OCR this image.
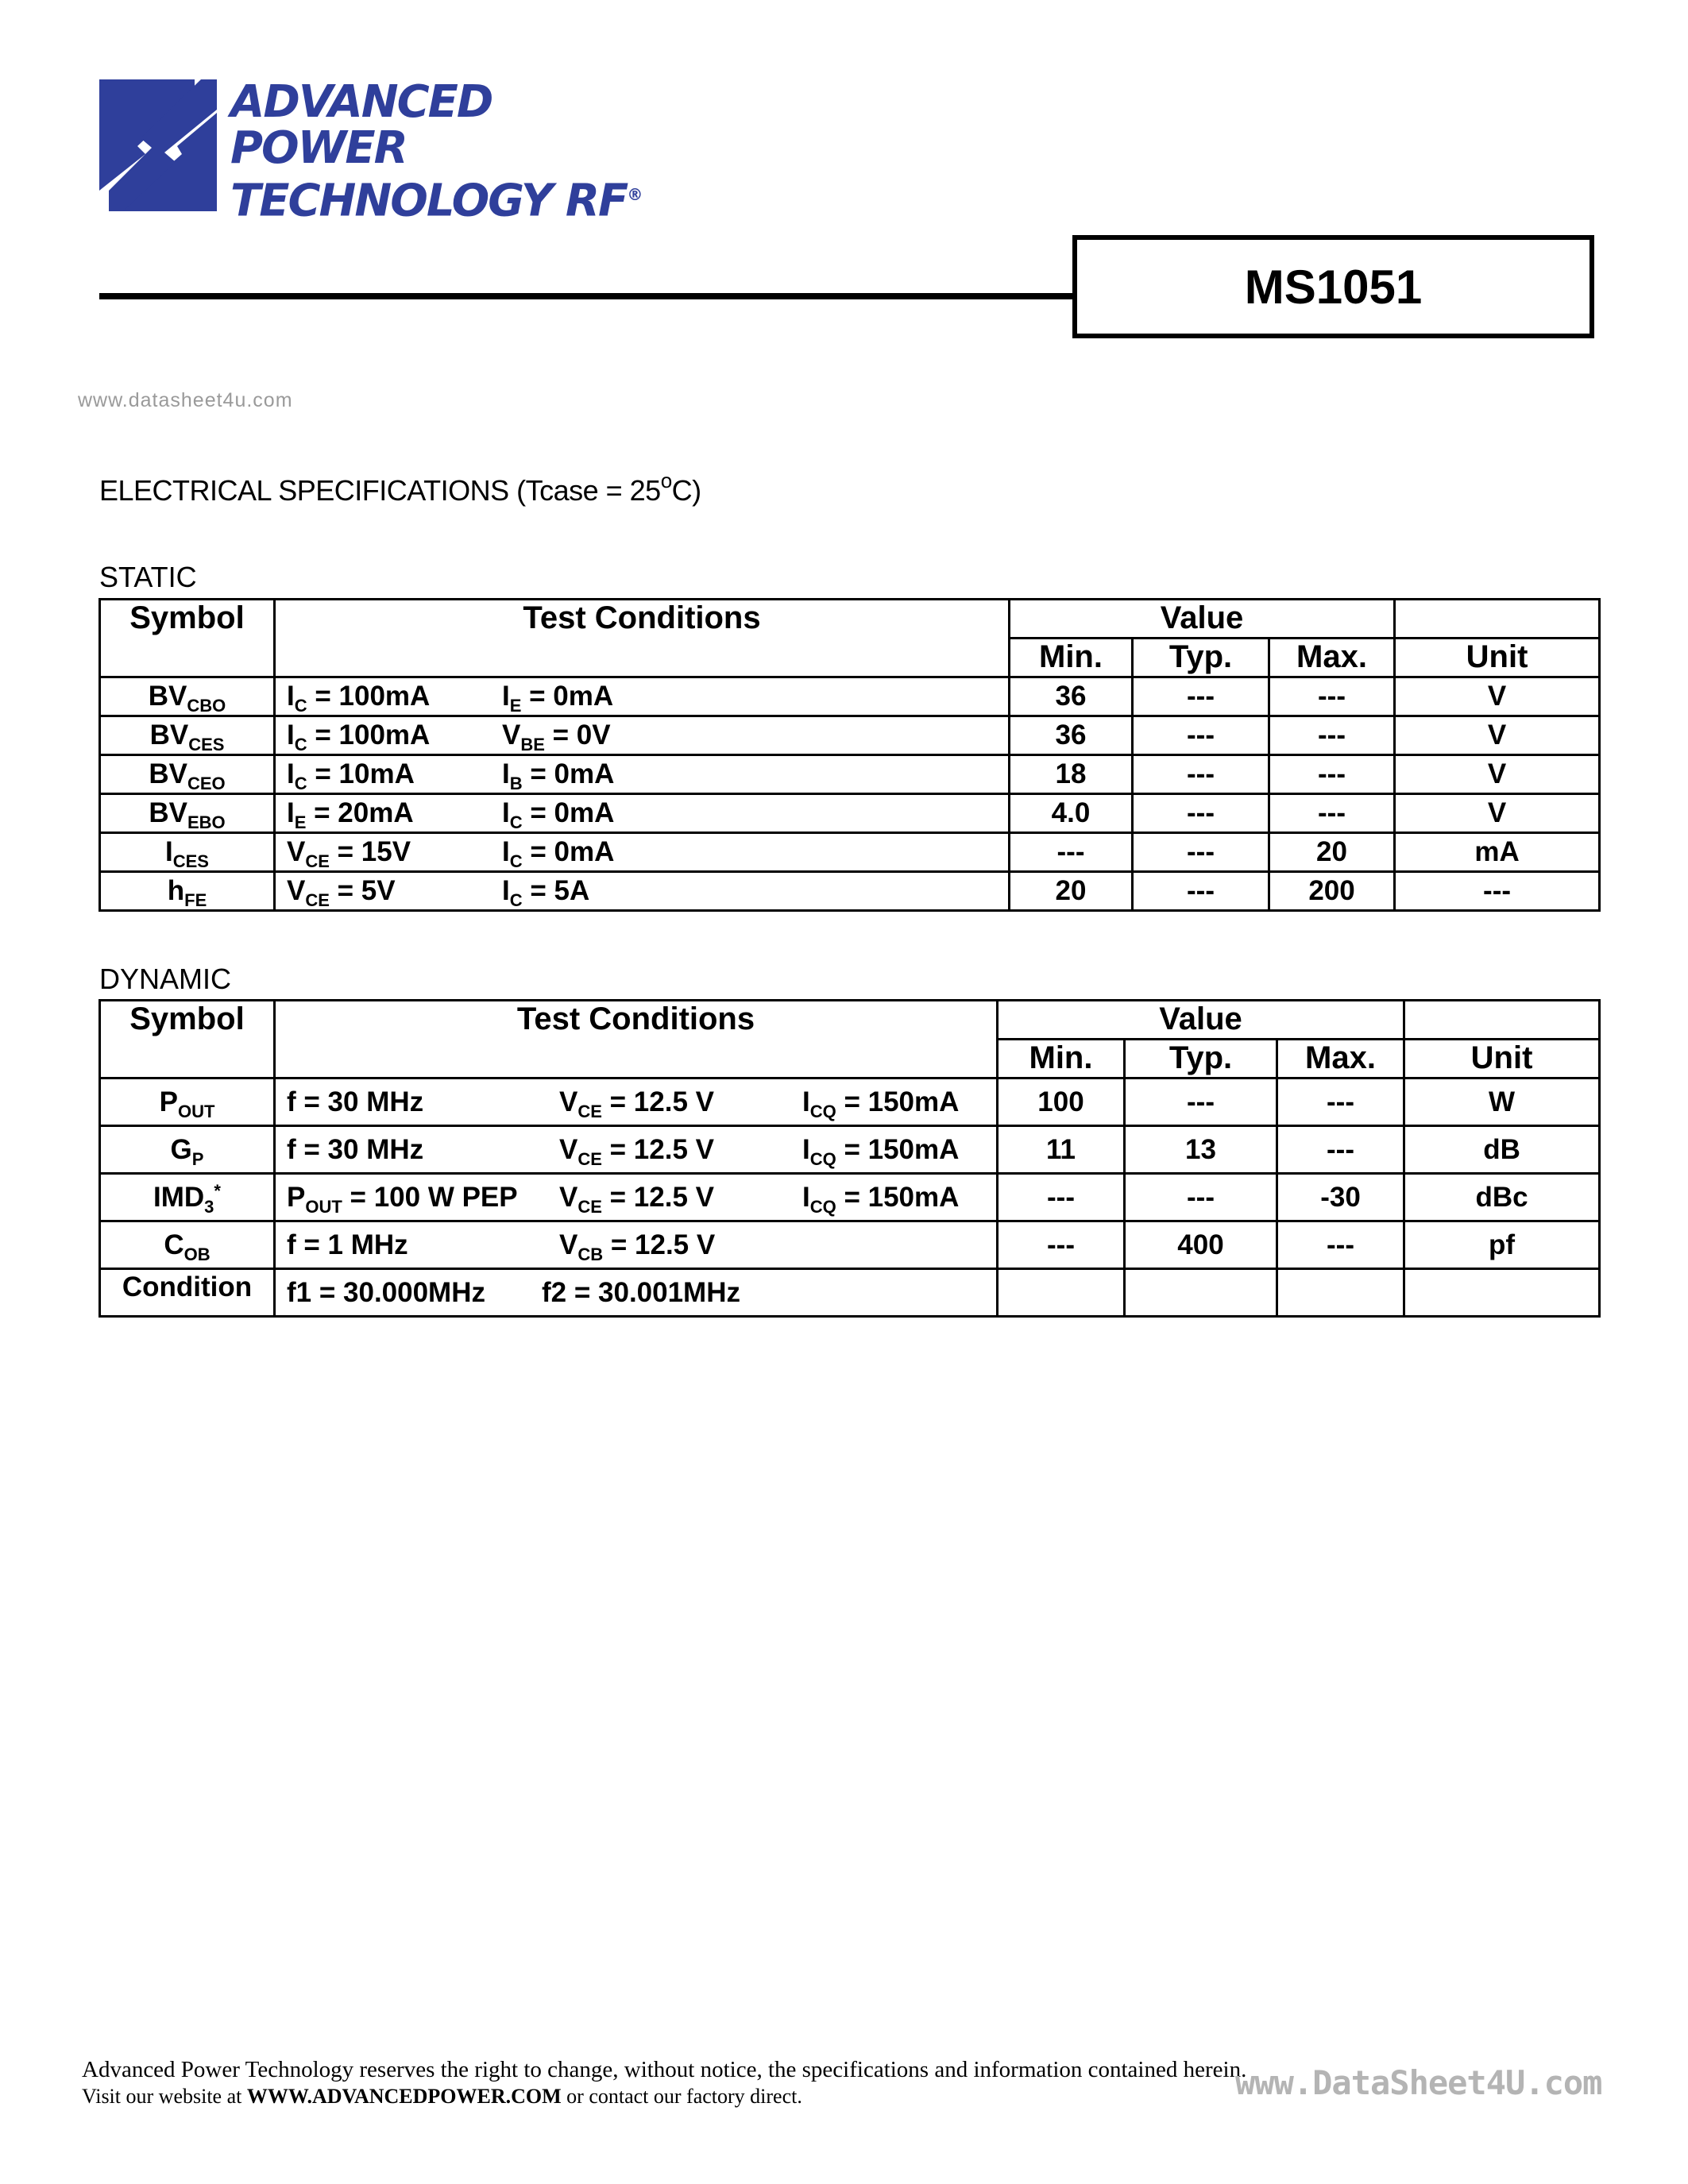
ADVANCED
POWER
TECHNOLOGY RF®
MS1051
www.datasheet4u.com
ELECTRICAL SPECIFICATIONS (Tcase = $25^oC$)
STATIC
Symbol	Test Conditions	Value			
		Min.	Typ.	Max.	Unit
$BV_{CBO}$	$I_C = 100mA$ $I_E = 0mA$	36	---	---	V
$BV_{CES}$	$I_C = 100mA$ $V_{BE} = 0V$	36	---	---	V
$BV_{CEO}$	$I_C = 10mA$ $I_B = 0mA$	18	---	---	V
$BV_{EBO}$	$I_E = 20mA$ $I_C = 0mA$	4.0	---	---	V
$I_{CES}$	$V_{CE} = 15V$ $I_C = 0mA$	---	---	20	mA
$h_{FE}$	$V_{CE} = 5V$ $I_C = 5A$	20	---	200	---
DYNAMIC
Symbol	Test Conditions	Value			
		Min.	Typ.	Max.	Unit
$P_{OUT}$	f = 30 MHz $V_{CE} = 12.5$ V $I_{CQ} = 150mA$	100	---	---	W
$G_P$	f = 30 MHz $V_{CE} = 12.5$ V $I_{CQ} = 150mA$	11	13	---	dB
$IMD_3^*$	$P_{OUT} = 100$ W PEP $V_{CE} = 12.5$ V $I_{CQ} = 150mA$	---	---	-30	dBc
$C_{OB}$	f = 1 MHz $V_{CB} = 12.5$ V	---	400	---	pf
Condition	f1 = 30.000MHz f2 = 30.001MHz				

Advanced Power Technology reserves the right to change, without notice, the specifications and information contained herein.
Visit our website at WWW.ADVANCEDPOWER.COM or contact our factory direct.	www.DataSheet4U.com
